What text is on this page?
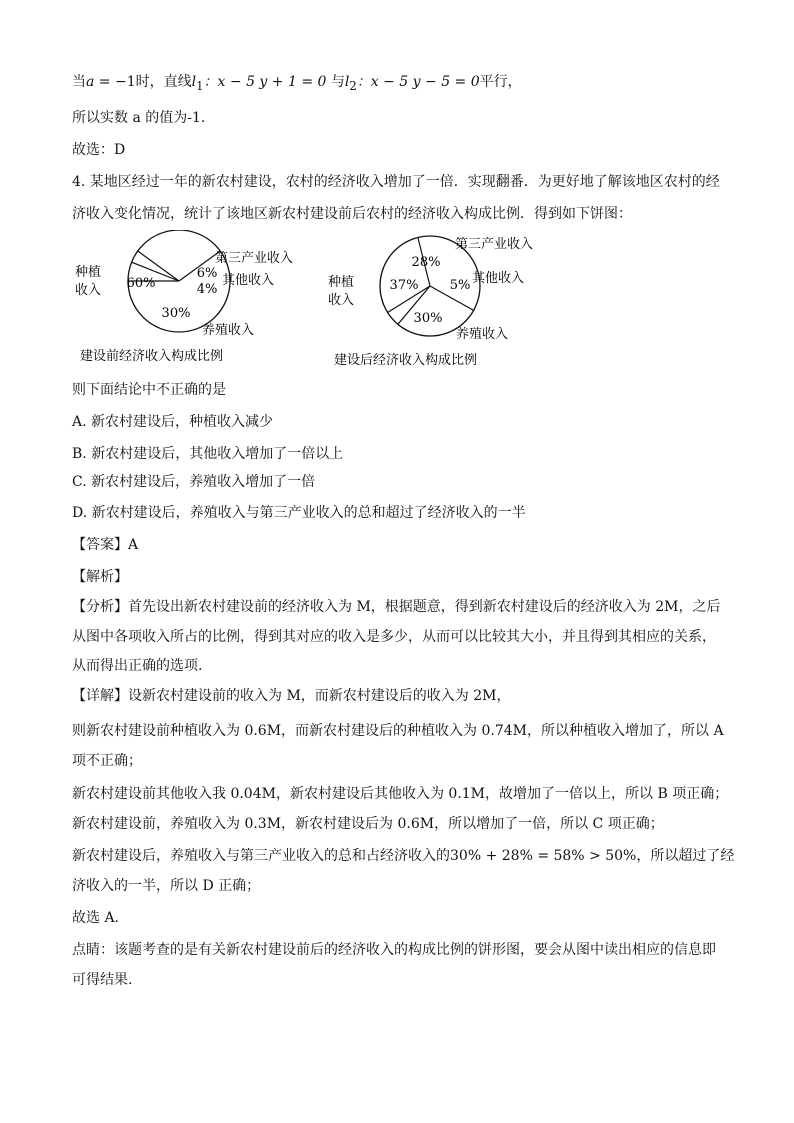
当a = −1时，直线$l_1$：x − 5 y + 1 = 0 与$l_2$：x − 5 y − 5 = 0平行，
所以实数 a 的值为-1.
故选：D
4. 某地区经过一年的新农村建设，农村的经济收入增加了一倍．实现翻番．为更好地了解该地区农村的经
济收入变化情况，统计了该地区新农村建设前后农村的经济收入构成比例．得到如下饼图：
60%
6%
4%
30%
种植
收入
第三产业收入
其他收入
养殖收入
建设前经济收入构成比例
37%
28%
5%
30%
种植
收入
第三产业收入
其他收入
养殖收入
建设后经济收入构成比例
则下面结论中不正确的是
A. 新农村建设后，种植收入减少
B. 新农村建设后，其他收入增加了一倍以上
C. 新农村建设后，养殖收入增加了一倍
D. 新农村建设后，养殖收入与第三产业收入的总和超过了经济收入的一半
【答案】A
【解析】
【分析】首先设出新农村建设前的经济收入为 M，根据题意，得到新农村建设后的经济收入为 2M，之后
从图中各项收入所占的比例，得到其对应的收入是多少，从而可以比较其大小，并且得到其相应的关系，
从而得出正确的选项.
【详解】设新农村建设前的收入为 M，而新农村建设后的收入为 2M，
则新农村建设前种植收入为 0.6M，而新农村建设后的种植收入为 0.74M，所以种植收入增加了，所以 A
项不正确；
新农村建设前其他收入我 0.04M，新农村建设后其他收入为 0.1M，故增加了一倍以上，所以 B 项正确；
新农村建设前，养殖收入为 0.3M，新农村建设后为 0.6M，所以增加了一倍，所以 C 项正确；
新农村建设后，养殖收入与第三产业收入的总和占经济收入的30% + 28% = 58% > 50%，所以超过了经
济收入的一半，所以 D 正确；
故选 A.
点睛：该题考查的是有关新农村建设前后的经济收入的构成比例的饼形图，要会从图中读出相应的信息即
可得结果.
